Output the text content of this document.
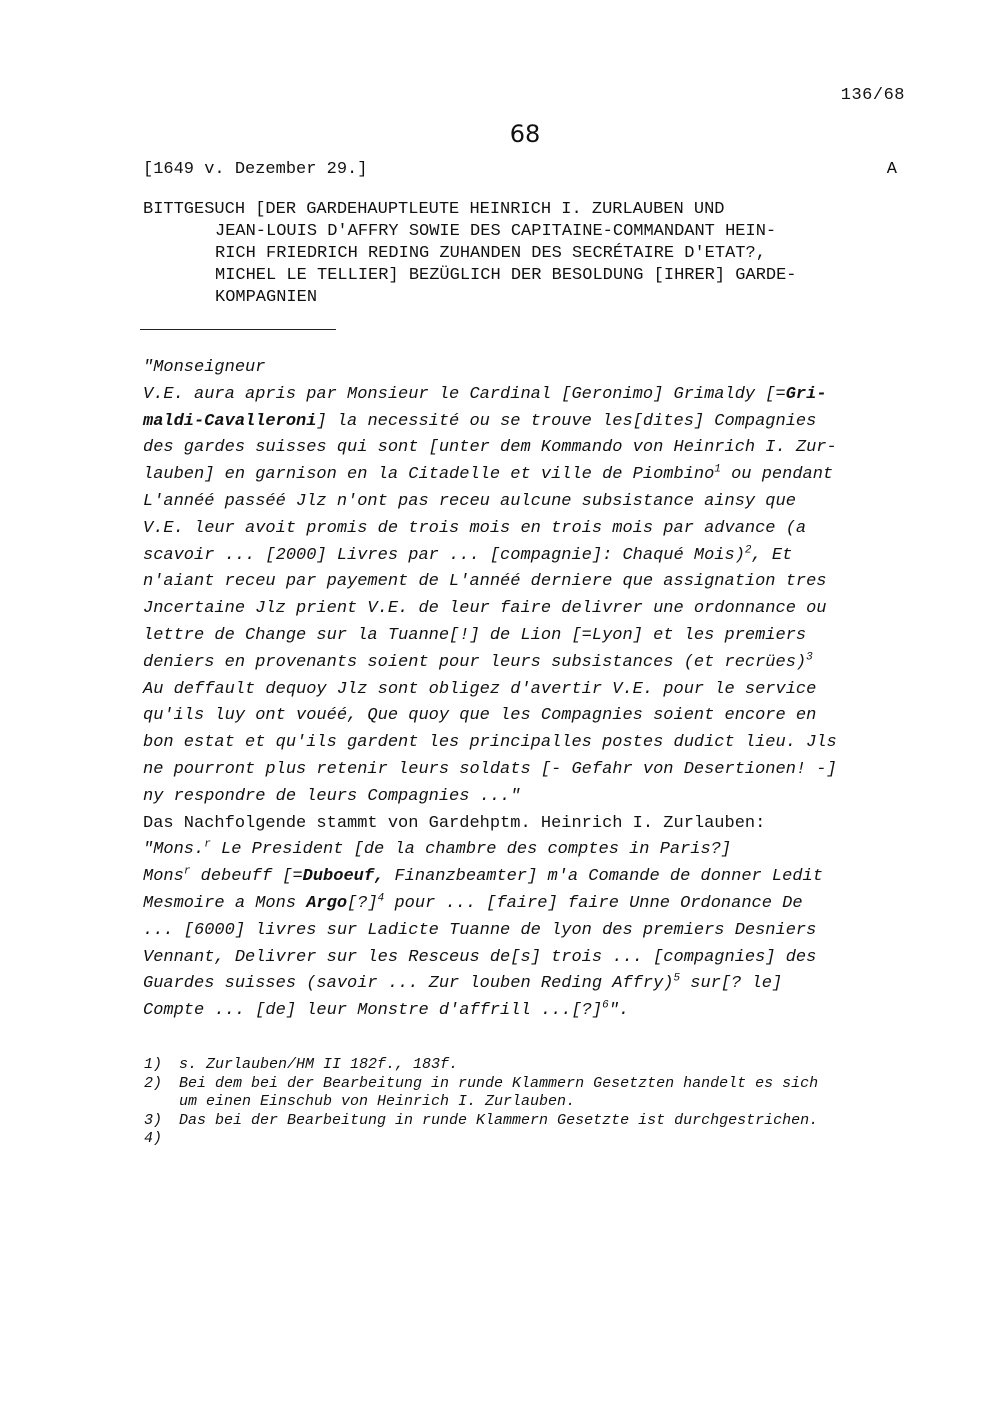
136/68
68
[1649 v. Dezember 29.]	A
BITTGESUCH [DER GARDEHAUPTLEUTE HEINRICH I. ZURLAUBEN UND
JEAN-LOUIS D'AFFRY SOWIE DES CAPITAINE-COMMANDANT HEIN-
RICH FRIEDRICH REDING ZUHANDEN DES SECRÉTAIRE D'ETAT?,
MICHEL LE TELLIER] BEZÜGLICH DER BESOLDUNG [IHRER] GARDE-
KOMPAGNIEN

"Monseigneur

V.E. aura apris par Monsieur le Cardinal [Geronimo] Grimaldy [=Gri-

maldi-Cavalleroni] la necessité ou se trouve les[dites] Compagnies

des gardes suisses qui sont [unter dem Kommando von Heinrich I. Zur-

lauben] en garnison en la Citadelle et ville de Piombino$^1$ ou pendant

L'annéé passéé Jlz n'ont pas receu aulcune subsistance ainsy que

V.E. leur avoit promis de trois mois en trois mois par advance (a

scavoir ... [2000] Livres par ... [compagnie]: Chaqué Mois)$^2$, Et

n'aiant receu par payement de L'annéé derniere que assignation tres

Jncertaine Jlz prient V.E. de leur faire delivrer une ordonnance ou

lettre de Change sur la Tuanne[!] de Lion [=Lyon] et les premiers

deniers en provenants soient pour leurs subsistances (et recrües)$^3$

Au deffault dequoy Jlz sont obligez d'avertir V.E. pour le service

qu'ils luy ont vouéé, Que quoy que les Compagnies soient encore en

bon estat et qu'ils gardent les principalles postes dudict lieu. Jls

ne pourront plus retenir leurs soldats [- Gefahr von Desertionen! -]

ny respondre de leurs Compagnies ..."

Das Nachfolgende stammt von Gardehptm. Heinrich I. Zurlauben:

"Mons.$^r$ Le President [de la chambre des comptes in Paris?]

Mons$^r$ debeuff [=Duboeuf, Finanzbeamter] m'a Comande de donner Ledit

Mesmoire a Mons Argo[?]$^4$ pour ... [faire] faire Unne Ordonance De

... [6000] livres sur Ladicte Tuanne de lyon des premiers Desniers

Vennant, Delivrer sur les Resceus de[s] trois ... [compagnies] des

Guardes suisses (savoir ... Zur louben Reding Affry)$^5$ sur[? le]

Compte ... [de] leur Monstre d'affrill ...[?]$^6$".

1)	s. Zurlauben/HM II 182f., 183f.
2)	Bei dem bei der Bearbeitung in runde Klammern Gesetzten handelt es sich
um einen Einschub von Heinrich I. Zurlauben.
3)	Das bei der Bearbeitung in runde Klammern Gesetzte ist durchgestrichen.
4)
